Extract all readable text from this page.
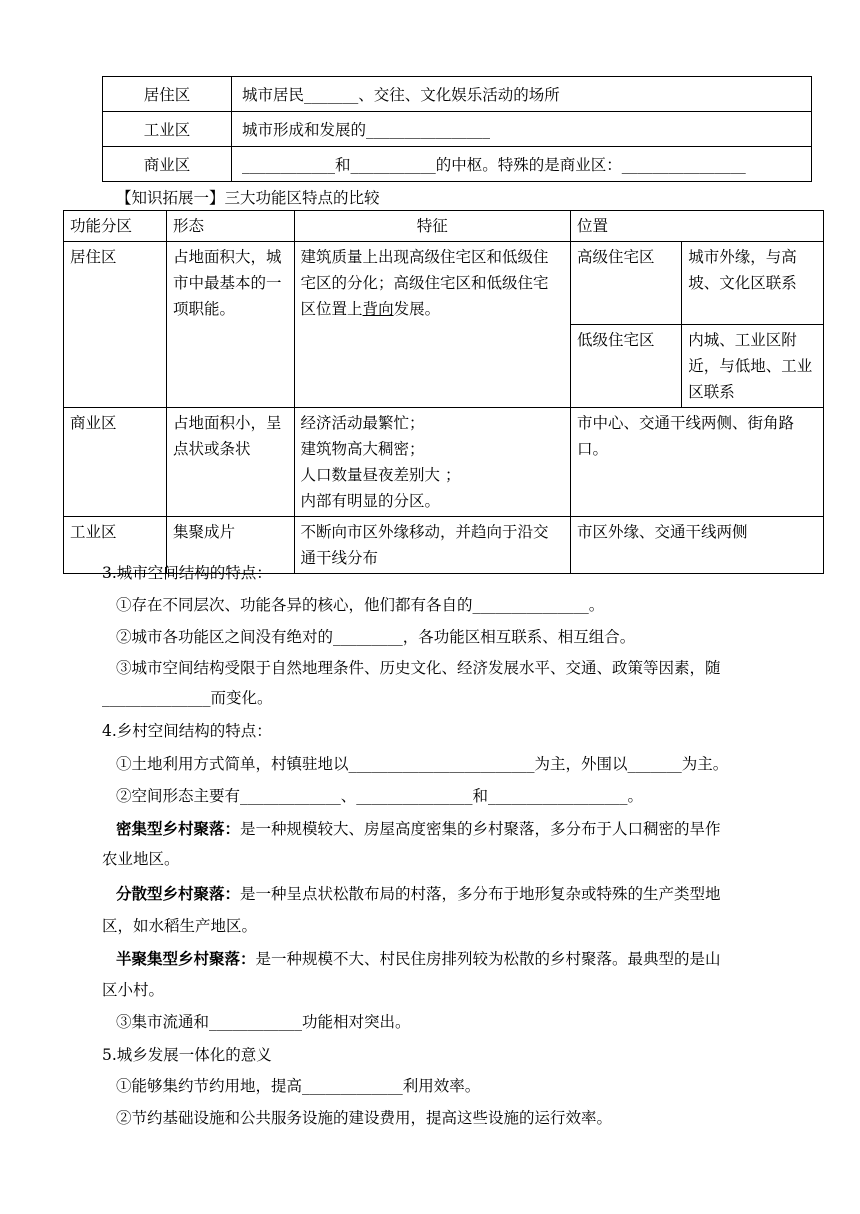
居住区	城市居民_______、交往、文化娱乐活动的场所
工业区	城市形成和发展的________________
商业区	____________和___________的中枢。特殊的是商业区：________________
【知识拓展一】三大功能区特点的比较
功能分区	形态	特征	位置	
居住区	占地面积大，城市中最基本的一项职能。	建筑质量上出现高级住宅区和低级住宅区的分化；高级住宅区和低级住宅区位置上背向发展。	高级住宅区	城市外缘，与高坡、文化区联系
			低级住宅区	内城、工业区附近，与低地、工业区联系
商业区	占地面积小，呈点状或条状	经济活动最繁忙；
建筑物高大稠密；
人口数量昼夜差别大 ；
内部有明显的分区。	市中心、交通干线两侧、街角路口。	
工业区	集聚成片	不断向市区外缘移动，并趋向于沿交通干线分布	市区外缘、交通干线两侧	
3.城市空间结构的特点：
①存在不同层次、功能各异的核心，他们都有各自的_______________。
②城市各功能区之间没有绝对的_________，各功能区相互联系、相互组合。
③城市空间结构受限于自然地理条件、历史文化、经济发展水平、交通、政策等因素，随
______________而变化。
4.乡村空间结构的特点：
①土地利用方式简单，村镇驻地以________________________为主，外围以_______为主。
②空间形态主要有_____________、_______________和__________________。
密集型乡村聚落：是一种规模较大、房屋高度密集的乡村聚落，多分布于人口稠密的旱作
农业地区。
分散型乡村聚落：是一种呈点状松散布局的村落，多分布于地形复杂或特殊的生产类型地
区，如水稻生产地区。
半聚集型乡村聚落：是一种规模不大、村民住房排列较为松散的乡村聚落。最典型的是山
区小村。
③集市流通和____________功能相对突出。
5.城乡发展一体化的意义
①能够集约节约用地，提高_____________利用效率。
②节约基础设施和公共服务设施的建设费用，提高这些设施的运行效率。
